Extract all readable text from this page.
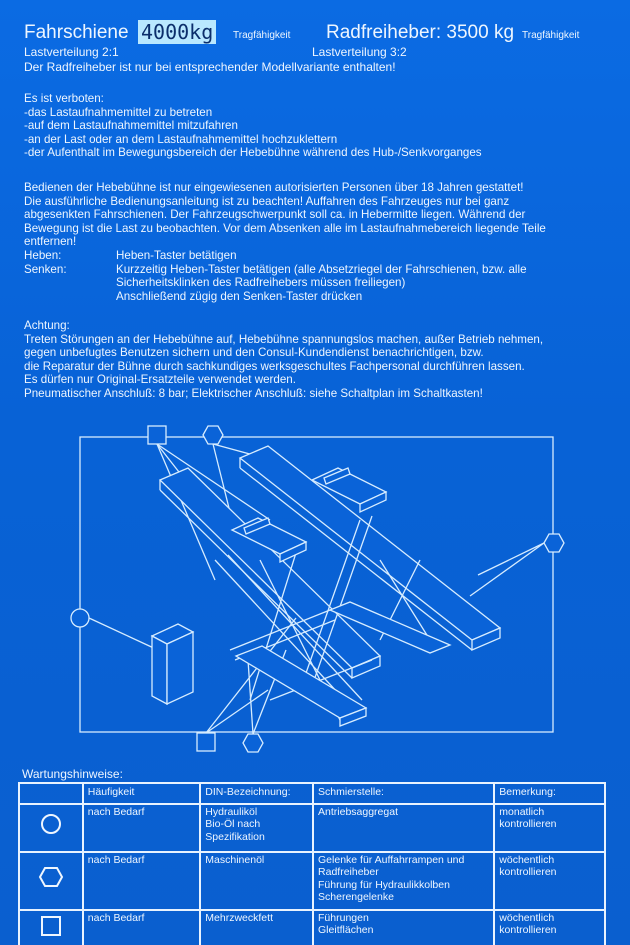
Fahrschiene 4000kg	Tragfähigkeit Radfreiheber: 3500 kg Tragfähigkeit
Lastverteilung 2:1	Lastverteilung 3:2
Der Radfreiheber ist nur bei entsprechender Modellvariante enthalten!
Es ist verboten:
-das Lastaufnahmemittel zu betreten
-auf dem Lastaufnahmemittel mitzufahren
-an der Last oder an dem Lastaufnahmemittel hochzuklettern
-der Aufenthalt im Bewegungsbereich der Hebebühne während des Hub-/Senkvorganges
Bedienen der Hebebühne ist nur eingewiesenen autorisierten Personen über 18 Jahren gestattet!
Die ausführliche Bedienungsanleitung ist zu beachten! Auffahren des Fahrzeuges nur bei ganz
abgesenkten Fahrschienen. Der Fahrzeugschwerpunkt soll ca. in Hebermitte liegen. Während der
Bewegung ist die Last zu beobachten. Vor dem Absenken alle im Lastaufnahmebereich liegende Teile
entfernen!
Heben:	Heben-Taster betätigen
Senken:	Kurzzeitig Heben-Taster betätigen (alle Absetzriegel der Fahrschienen, bzw. alle
Sicherheitsklinken des Radfreihebers müssen freiliegen)
Anschließend zügig den Senken-Taster drücken
Achtung:
Treten Störungen an der Hebebühne auf, Hebebühne spannungslos machen, außer Betrieb nehmen,
gegen unbefugtes Benutzen sichern und den Consul-Kundendienst benachrichtigen, bzw.
die Reparatur der Bühne durch sachkundiges werksgeschultes Fachpersonal durchführen lassen.
Es dürfen nur Original-Ersatzteile verwendet werden.
Pneumatischer Anschluß: 8 bar; Elektrischer Anschluß: siehe Schaltplan im Schaltkasten!
Wartungshinweise:
	Häufigkeit	DIN-Bezeichnung:	Schmierstelle:	Bemerkung:
	nach Bedarf	Hydrauliköl
Bio-Öl nach
Spezifikation	Antriebsaggregat	monatlich
kontrollieren
	nach Bedarf	Maschinenöl	Gelenke für Auffahrrampen und
Radfreiheber
Führung für Hydraulikkolben
Scherengelenke	wöchentlich
kontrollieren
	nach Bedarf	Mehrzweckfett	Führungen
Gleitflächen	wöchentlich
kontrollieren
